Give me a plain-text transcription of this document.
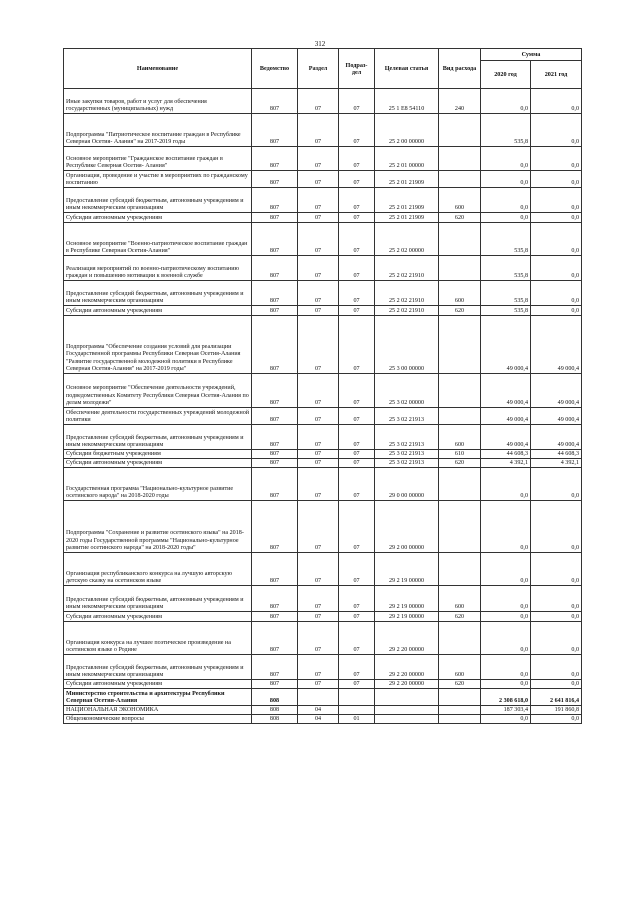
312
Наименование	Ведомство	Раздел	Подраз-дел	Целевая статья	Вид расхода	Сумма	
						2020 год	2021 год
Иные закупки товаров, работ и услуг для обеспечения государственных (муниципальных) нужд	807	07	07	25 1 E8 54110	240	0,0	0,0
Подпрограмма "Патриотическое воспитание граждан в Республике Северная Осетия- Алания" на 2017-2019 годы	807	07	07	25 2 00 00000		535,8	0,0
Основное мероприятие "Гражданское воспитание граждан в Республике Северная Осетия- Алания"	807	07	07	25 2 01 00000		0,0	0,0
Организация, проведение и участие в мероприятиях по гражданскому воспитанию	807	07	07	25 2 01 21909		0,0	0,0
Предоставление субсидий бюджетным, автономным учреждениям и иным некоммерческим организациям	807	07	07	25 2 01 21909	600	0,0	0,0
Субсидии автономным учреждениям	807	07	07	25 2 01 21909	620	0,0	0,0
Основное мероприятие "Военно-патриотическое воспитание граждан в Республике Северная Осетия-Алания"	807	07	07	25 2 02 00000		535,8	0,0
Реализация мероприятий по военно-патриотическому воспитанию граждан и повышению мотивации к военной службе	807	07	07	25 2 02 21910		535,8	0,0
Предоставление субсидий бюджетным, автономным учреждениям и иным некоммерческим организациям	807	07	07	25 2 02 21910	600	535,8	0,0
Субсидии автономным учреждениям	807	07	07	25 2 02 21910	620	535,8	0,0
Подпрограмма "Обеспечение создания условий для реализации Государственной программы Республики Северная Осетия-Алания "Развитие государственной молодежной политики в Республике Северная Осетия-Алания" на 2017-2019 годы"	807	07	07	25 3 00 00000		49 000,4	49 000,4
Основное мероприятие "Обеспечение деятельности учреждений, подведомственных Комитету Республики Северная Осетия-Алания по делам молодежи"	807	07	07	25 3 02 00000		49 000,4	49 000,4
Обеспечение деятельности государственных учреждений молодежной политики	807	07	07	25 3 02 21913		49 000,4	49 000,4
Предоставление субсидий бюджетным, автономным учреждениям и иным некоммерческим организациям	807	07	07	25 3 02 21913	600	49 000,4	49 000,4
Субсидии бюджетным учреждениям	807	07	07	25 3 02 21913	610	44 608,3	44 608,3
Субсидии автономным учреждениям	807	07	07	25 3 02 21913	620	4 392,1	4 392,1
Государственная программа "Национально-культурное развитие осетинского народа" на 2018-2020 годы	807	07	07	29 0 00 00000		0,0	0,0
Подпрограмма "Сохранение и развитие осетинского языка" на 2018-2020 годы Государственной программы "Национально-культурное развитие осетинского народа" на 2018-2020 годы"	807	07	07	29 2 00 00000		0,0	0,0
Организация республиканского конкурса на лучшую авторскую детскую сказку на осетинском языке	807	07	07	29 2 19 00000		0,0	0,0
Предоставление субсидий бюджетным, автономным учреждениям и иным некоммерческим организациям	807	07	07	29 2 19 00000	600	0,0	0,0
Субсидии автономным учреждениям	807	07	07	29 2 19 00000	620	0,0	0,0
Организация конкурса на лучшее поэтическое произведение на осетинском языке о Родине	807	07	07	29 2 20 00000		0,0	0,0
Предоставление субсидий бюджетным, автономным учреждениям и иным некоммерческим организациям	807	07	07	29 2 20 00000	600	0,0	0,0
Субсидии автономным учреждениям	807	07	07	29 2 20 00000	620	0,0	0,0
Министерство строительства и архитектуры Республики Северная Осетия-Алания	808					2 308 618,0	2 641 816,4
НАЦИОНАЛЬНАЯ ЭКОНОМИКА	808	04				187 303,4	191 860,8
Общеэкономические вопросы	808	04	01			0,0	0,0
